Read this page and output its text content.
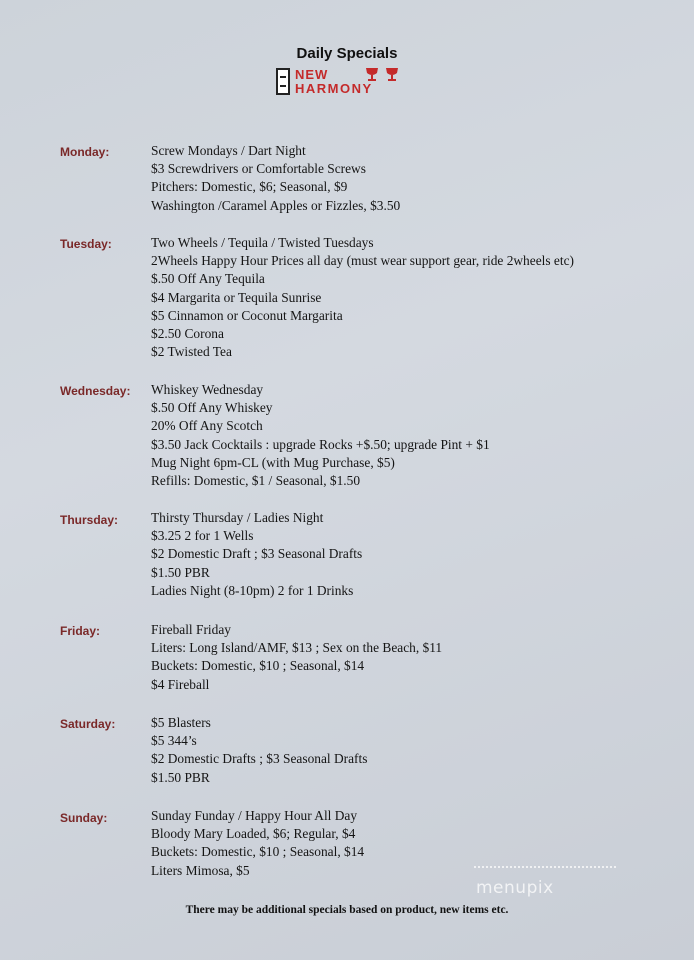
Daily Specials
NEW
HARMONY
Monday:	Screw Mondays / Dart Night
$3 Screwdrivers or Comfortable Screws
Pitchers: Domestic, $6; Seasonal, $9
Washington /Caramel Apples or Fizzles, $3.50
Tuesday:	Two Wheels / Tequila / Twisted Tuesdays
2Wheels Happy Hour Prices all day (must wear support gear, ride 2wheels etc)
$.50 Off Any Tequila
$4 Margarita or Tequila Sunrise
$5 Cinnamon or Coconut Margarita
$2.50 Corona
$2 Twisted Tea
Wednesday: Whiskey Wednesday
$.50 Off Any Whiskey
20% Off Any Scotch
$3.50 Jack Cocktails : upgrade Rocks +$.50; upgrade Pint + $1
Mug Night 6pm-CL (with Mug Purchase, $5)
Refills: Domestic, $1 / Seasonal, $1.50
Thursday: Thirsty Thursday / Ladies Night
$3.25 2 for 1 Wells
$2 Domestic Draft ; $3 Seasonal Drafts
$1.50 PBR
Ladies Night (8-10pm) 2 for 1 Drinks
Friday:	Fireball Friday
Liters: Long Island/AMF, $13 ; Sex on the Beach, $11
Buckets: Domestic, $10 ; Seasonal, $14
$4 Fireball
Saturday:	$5 Blasters
$5 344’s
$2 Domestic Drafts ; $3 Seasonal Drafts
$1.50 PBR
Sunday:	Sunday Funday / Happy Hour All Day
Bloody Mary Loaded, $6; Regular, $4
Buckets: Domestic, $10 ; Seasonal, $14
Liters Mimosa, $5
menupix
There may be additional specials based on product, new items etc.
